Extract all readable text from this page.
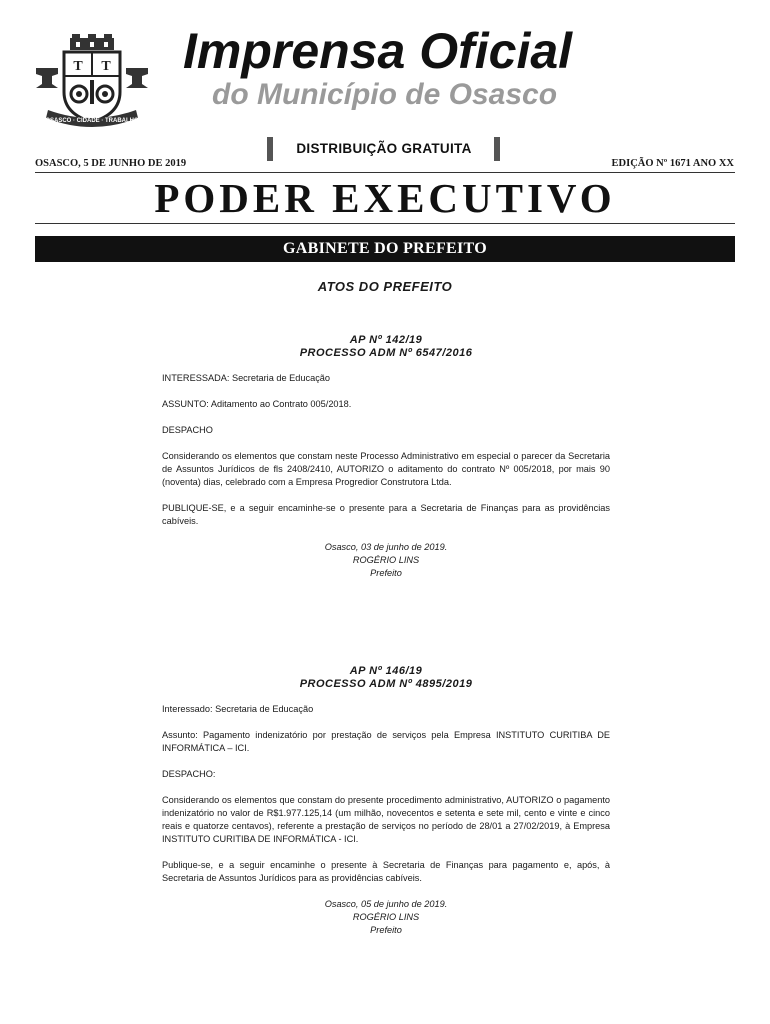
T T
OSASCO · CIDADE · TRABALHO
Imprensa Oficial
do Município de Osasco
DISTRIBUIÇÃO GRATUITA
OSASCO, 5 DE JUNHO DE 2019	EDIÇÃO Nº 1671 ANO XX
PODER EXECUTIVO
GABINETE DO PREFEITO
ATOS DO PREFEITO
AP Nº 142/19
PROCESSO ADM Nº 6547/2016

INTERESSADA: Secretaria de Educação

ASSUNTO: Aditamento ao Contrato 005/2018.

DESPACHO

Considerando os elementos que constam neste Processo Administrativo em especial o parecer da Secretaria de Assuntos Jurídicos de fls 2408/2410, AUTORIZO o aditamento do contrato Nº 005/2018, por mais 90 (noventa) dias, celebrado com a Empresa Progredior Construtora Ltda.

PUBLIQUE-SE, e a seguir encaminhe-se o presente para a Secretaria de Finanças para as providências cabíveis.

Osasco, 03 de junho de 2019.
ROGÉRIO LINS
Prefeito
AP Nº 146/19
PROCESSO ADM Nº 4895/2019

Interessado: Secretaria de Educação

Assunto: Pagamento indenizatório por prestação de serviços pela Empresa INSTITUTO CURITIBA DE INFORMÁTICA – ICI.

DESPACHO:

Considerando os elementos que constam do presente procedimento administrativo, AUTORIZO o pagamento indenizatório no valor de R$1.977.125,14 (um milhão, novecentos e setenta e sete mil, cento e vinte e cinco reais e quatorze centavos), referente a prestação de serviços no período de 28/01 a 27/02/2019, à Empresa INSTITUTO CURITIBA DE INFORMÁTICA - ICI.

Publique-se, e a seguir encaminhe o presente à Secretaria de Finanças para pagamento e, após, à Secretaria de Assuntos Jurídicos para as providências cabíveis.

Osasco, 05 de junho de 2019.
ROGÉRIO LINS
Prefeito
